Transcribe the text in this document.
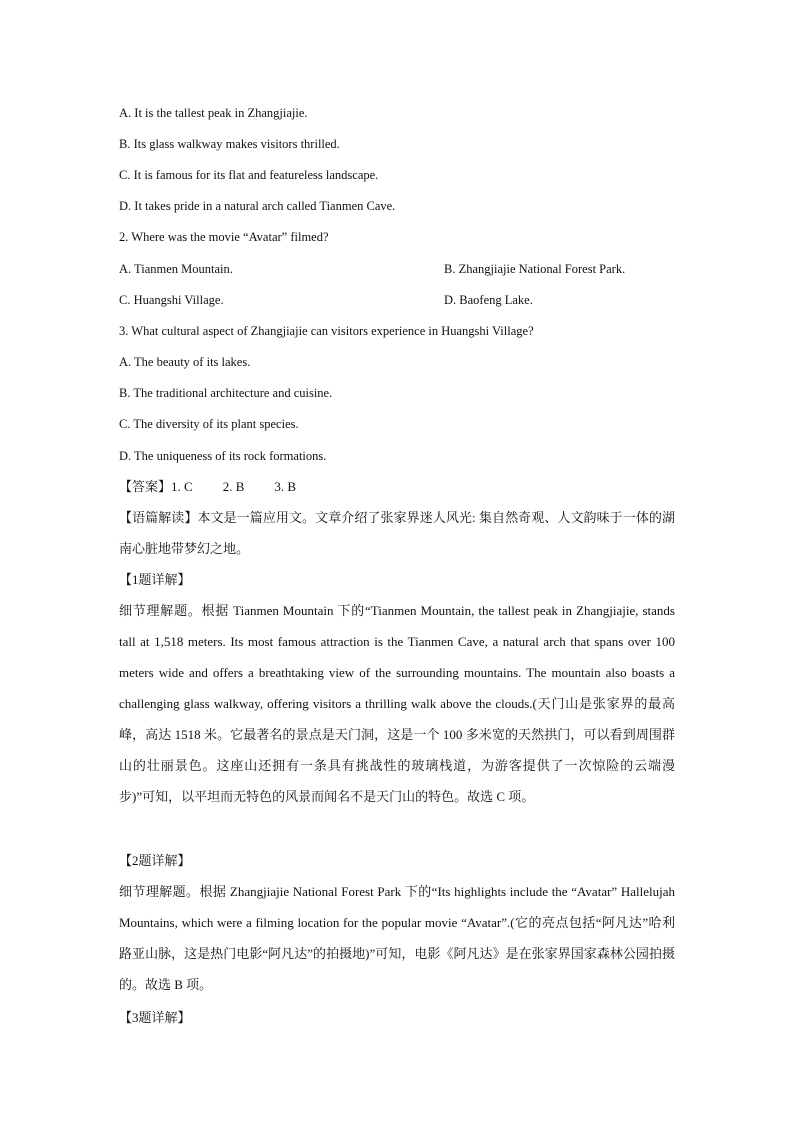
A. It is the tallest peak in Zhangjiajie.
B. Its glass walkway makes visitors thrilled.
C. It is famous for its flat and featureless landscape.
D. It takes pride in a natural arch called Tianmen Cave.
2. Where was the movie “Avatar” filmed?
A. Tianmen Mountain.	B. Zhangjiajie National Forest Park.
C. Huangshi Village.	D. Baofeng Lake.
3. What cultural aspect of Zhangjiajie can visitors experience in Huangshi Village?
A. The beauty of its lakes.
B. The traditional architecture and cuisine.
C. The diversity of its plant species.
D. The uniqueness of its rock formations.
【答案】1. C 2. B 3. B
【语篇解读】本文是一篇应用文。文章介绍了张家界迷人风光: 集自然奇观、人文韵味于一体的湖南心脏地带梦幻之地。
【1题详解】
细节理解题。根据 Tianmen Mountain 下的“Tianmen Mountain, the tallest peak in Zhangjiajie, stands tall at 1,518 meters. Its most famous attraction is the Tianmen Cave, a natural arch that spans over 100 meters wide and offers a breathtaking view of the surrounding mountains. The mountain also boasts a challenging glass walkway, offering visitors a thrilling walk above the clouds.(天门山是张家界的最高峰，高达 1518 米。它最著名的景点是天门洞，这是一个 100 多米宽的天然拱门，可以看到周围群山的壮丽景色。这座山还拥有一条具有挑战性的玻璃栈道，为游客提供了一次惊险的云端漫步)”可知，以平坦而无特色的风景而闻名不是天门山的特色。故选 C 项。
【2题详解】
细节理解题。根据 Zhangjiajie National Forest Park 下的“Its highlights include the “Avatar” Hallelujah Mountains, which were a filming location for the popular movie “Avatar”.(它的亮点包括“阿凡达”哈利路亚山脉，这是热门电影“阿凡达”的拍摄地)”可知，电影《阿凡达》是在张家界国家森林公园拍摄的。故选 B 项。
【3题详解】
